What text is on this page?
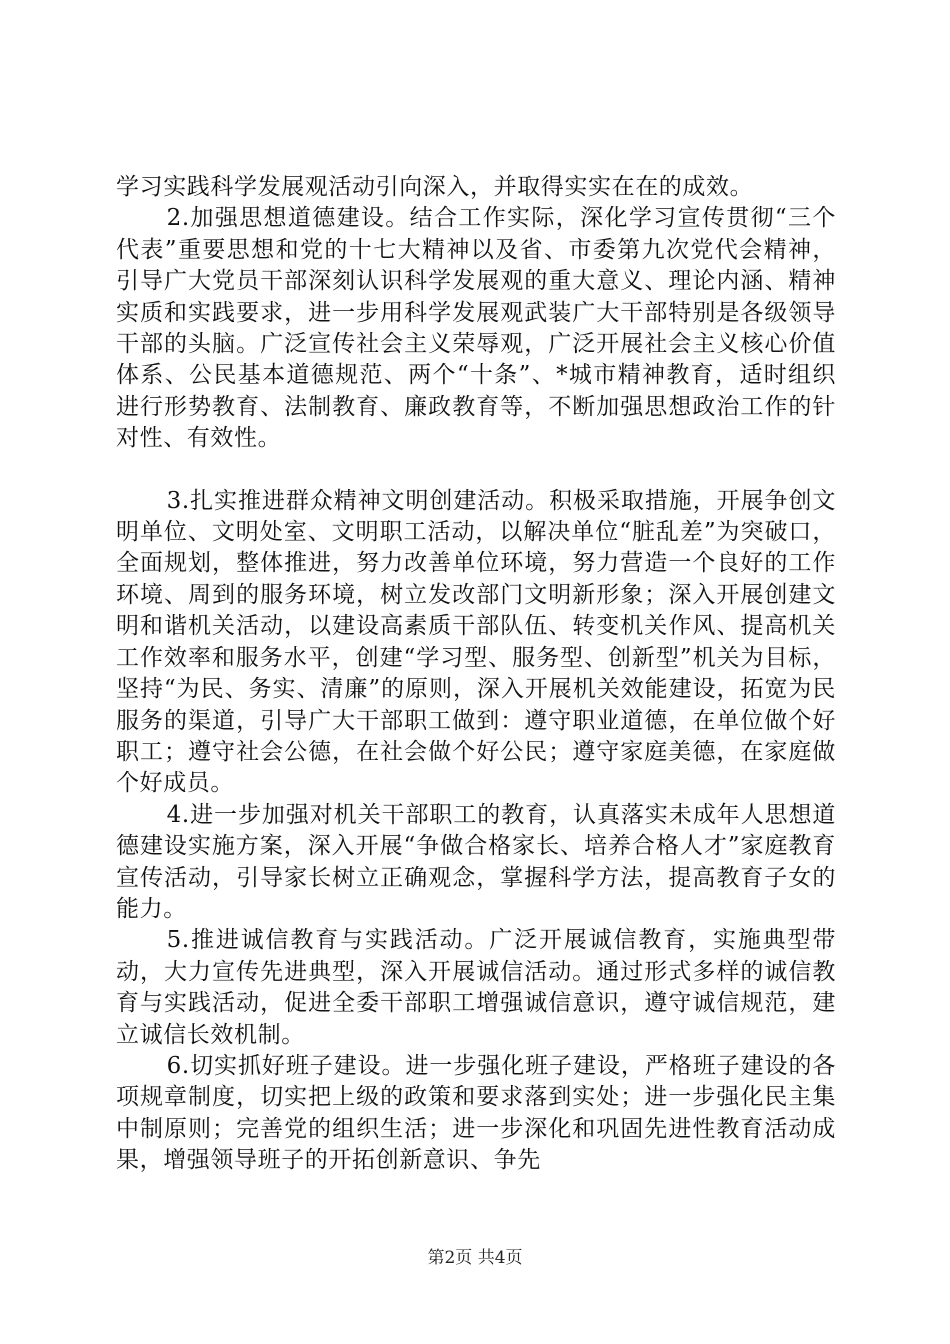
学习实践科学发展观活动引向深入，并取得实实在在的成效。

2.加强思想道德建设。结合工作实际，深化学习宣传贯彻“三个代表”重要思想和党的十七大精神以及省、市委第九次党代会精神，引导广大党员干部深刻认识科学发展观的重大意义、理论内涵、精神实质和实践要求，进一步用科学发展观武装广大干部特别是各级领导干部的头脑。广泛宣传社会主义荣辱观，广泛开展社会主义核心价值体系、公民基本道德规范、两个“十条”、*城市精神教育，适时组织进行形势教育、法制教育、廉政教育等，不断加强思想政治工作的针对性、有效性。

3.扎实推进群众精神文明创建活动。积极采取措施，开展争创文明单位、文明处室、文明职工活动，以解决单位“脏乱差”为突破口，全面规划，整体推进，努力改善单位环境，努力营造一个良好的工作环境、周到的服务环境，树立发改部门文明新形象；深入开展创建文明和谐机关活动，以建设高素质干部队伍、转变机关作风、提高机关工作效率和服务水平，创建“学习型、服务型、创新型”机关为目标，坚持“为民、务实、清廉”的原则，深入开展机关效能建设，拓宽为民服务的渠道，引导广大干部职工做到：遵守职业道德，在单位做个好职工；遵守社会公德，在社会做个好公民；遵守家庭美德，在家庭做个好成员。

4.进一步加强对机关干部职工的教育，认真落实未成年人思想道德建设实施方案，深入开展“争做合格家长、培养合格人才”家庭教育宣传活动，引导家长树立正确观念，掌握科学方法，提高教育子女的能力。

5.推进诚信教育与实践活动。广泛开展诚信教育，实施典型带动，大力宣传先进典型，深入开展诚信活动。通过形式多样的诚信教育与实践活动，促进全委干部职工增强诚信意识，遵守诚信规范，建立诚信长效机制。

6.切实抓好班子建设。进一步强化班子建设，严格班子建设的各项规章制度，切实把上级的政策和要求落到实处；进一步强化民主集中制原则；完善党的组织生活；进一步深化和巩固先进性教育活动成果，增强领导班子的开拓创新意识、争先

第2页 共4页
